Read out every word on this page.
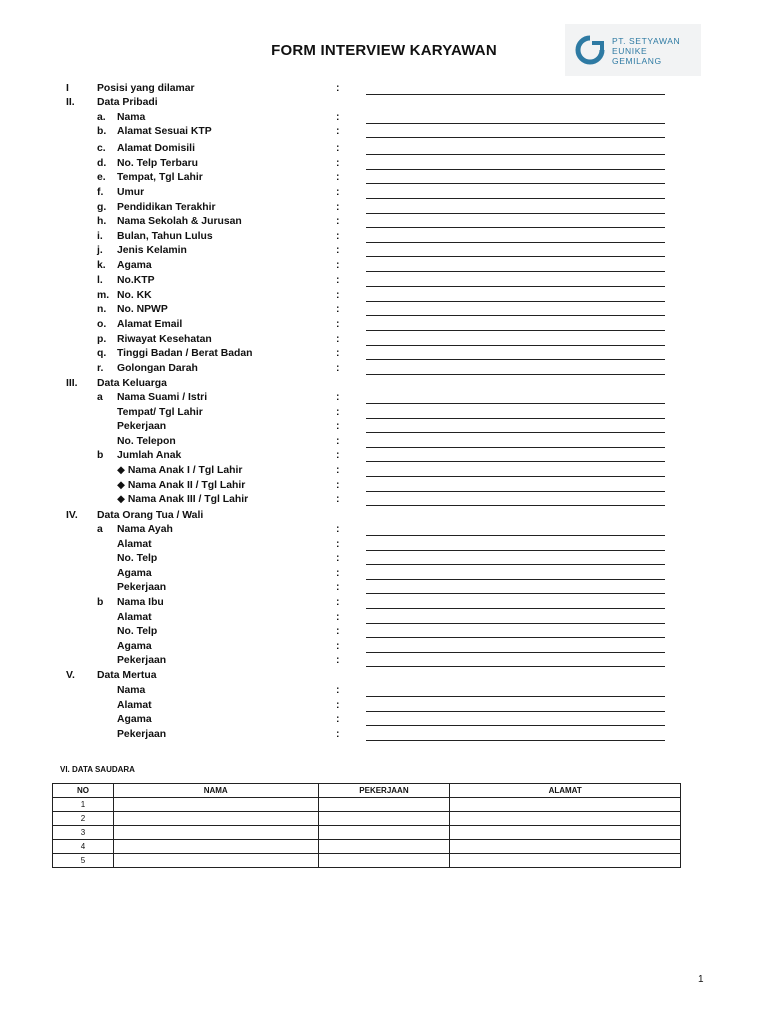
FORM INTERVIEW KARYAWAN
PT. SETYAWAN
EUNIKE
GEMILANG
I	Posisi yang dilamar	:
II.	Data Pribadi
a.	Nama	:
b.	Alamat Sesuai KTP	:
c.	Alamat Domisili	:
d.	No. Telp Terbaru	:
e.	Tempat, Tgl Lahir	:
f.	Umur	:
g.	Pendidikan Terakhir	:
h.	Nama Sekolah & Jurusan	:
i.	Bulan, Tahun Lulus	:
j.	Jenis Kelamin	:
k.	Agama	:
l.	No.KTP	:
m. No. KK	:
n.	No. NPWP	:
o.	Alamat Email	:
p.	Riwayat Kesehatan	:
q.	Tinggi Badan / Berat Badan	:
r.	Golongan Darah	:
III.	Data Keluarga
a	Nama Suami / Istri	:
Tempat/ Tgl Lahir	:
Pekerjaan	:
No. Telepon	:
b	Jumlah Anak	:
◆ Nama Anak I / Tgl Lahir	:
◆ Nama Anak II / Tgl Lahir	:
◆ Nama Anak III / Tgl Lahir	:
IV.	Data Orang Tua / Wali
a	Nama Ayah	:
Alamat	:
No. Telp	:
Agama	:
Pekerjaan	:
b	Nama Ibu	:
Alamat	:
No. Telp	:
Agama	:
Pekerjaan	:
V.	Data Mertua
Nama	:
Alamat	:
Agama	:
Pekerjaan	:
VI. DATA SAUDARA
NO	NAMA	PEKERJAAN	ALAMAT
1			
2			
3			
4			
5			
1
